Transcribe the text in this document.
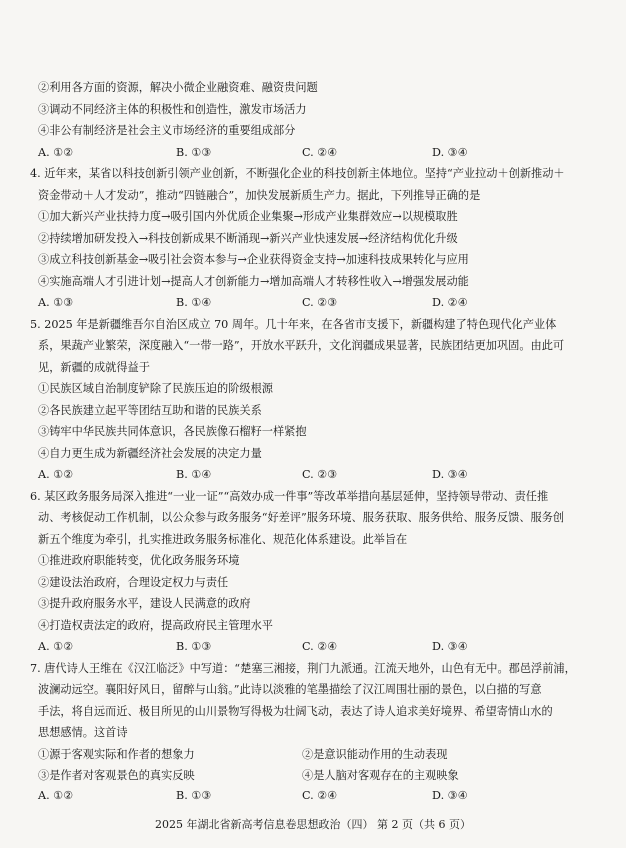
②利用各方面的资源，解决小微企业融资难、融资贵问题
③调动不同经济主体的积极性和创造性，激发市场活力
④非公有制经济是社会主义市场经济的重要组成部分
A. ①②	B. ①③	C. ②④	D. ③④
4. 近年来，某省以科技创新引领产业创新，不断强化企业的科技创新主体地位。坚持“产业拉动＋创新推动＋
资金带动＋人才发动”，推动“四链融合”，加快发展新质生产力。据此，下列推导正确的是
①加大新兴产业扶持力度→吸引国内外优质企业集聚→形成产业集群效应→以规模取胜
②持续增加研发投入→科技创新成果不断涌现→新兴产业快速发展→经济结构优化升级
③成立科技创新基金→吸引社会资本参与→企业获得资金支持→加速科技成果转化与应用
④实施高端人才引进计划→提高人才创新能力→增加高端人才转移性收入→增强发展动能
A. ①③	B. ①④	C. ②③	D. ②④
5. 2025 年是新疆维吾尔自治区成立 70 周年。几十年来，在各省市支援下，新疆构建了特色现代化产业体
系，果蔬产业繁荣，深度融入“一带一路”，开放水平跃升，文化润疆成果显著，民族团结更加巩固。由此可
见，新疆的成就得益于
①民族区域自治制度铲除了民族压迫的阶级根源
②各民族建立起平等团结互助和谐的民族关系
③铸牢中华民族共同体意识，各民族像石榴籽一样紧抱
④自力更生成为新疆经济社会发展的决定力量
A. ①②	B. ①④	C. ②③	D. ③④
6. 某区政务服务局深入推进“一业一证”“高效办成一件事”等改革举措向基层延伸，坚持领导带动、责任推
动、考核促动工作机制，以公众参与政务服务“好差评”服务环境、服务获取、服务供给、服务反馈、服务创
新五个维度为牵引，扎实推进政务服务标准化、规范化体系建设。此举旨在
①推进政府职能转变，优化政务服务环境
②建设法治政府，合理设定权力与责任
③提升政府服务水平，建设人民满意的政府
④打造权责法定的政府，提高政府民主管理水平
A. ①②	B. ①③	C. ②④	D. ③④
7. 唐代诗人王维在《汉江临泛》中写道：“楚塞三湘接，荆门九派通。江流天地外，山色有无中。郡邑浮前浦，
波澜动远空。襄阳好风日，留醉与山翁。”此诗以淡雅的笔墨描绘了汉江周围壮丽的景色，以白描的写意
手法，将自远而近、极目所见的山川景物写得极为壮阔飞动，表达了诗人追求美好境界、希望寄情山水的
思想感情。这首诗
①源于客观实际和作者的想象力	②是意识能动作用的生动表现
③是作者对客观景色的真实反映	④是人脑对客观存在的主观映象
A. ①②	B. ①③	C. ②④	D. ③④
2025 年湖北省新高考信息卷思想政治（四） 第 2 页（共 6 页）
